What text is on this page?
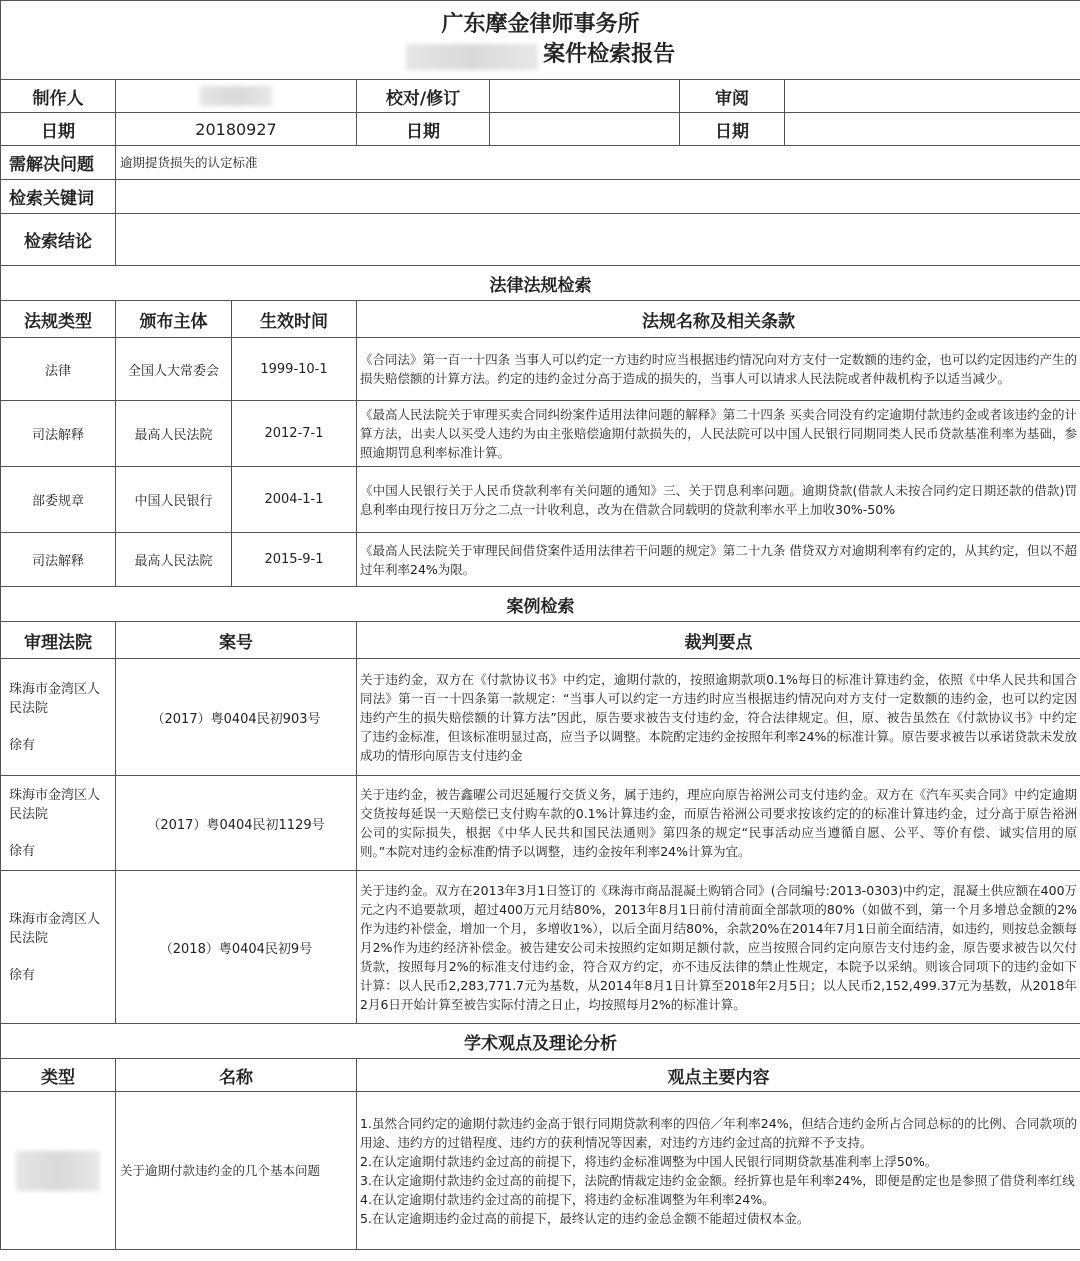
广东摩金律师事务所
案件检索报告						
制作人			校对/修订		审阅	
日期	20180927		日期		日期	
需解决问题	逾期提货损失的认定标准					
检索关键词						
检索结论						
法律法规检索						
法规类型	颁布主体	生效时间	法规名称及相关条款			
法律	全国人大常委会	1999-10-1	《合同法》第一百一十四条 当事人可以约定一方违约时应当根据违约情况向对方支付一定数额的违约金，也可以约定因违约产生的损失赔偿额的计算方法。约定的违约金过分高于造成的损失的，当事人可以请求人民法院或者仲裁机构予以适当减少。			
司法解释	最高人民法院	2012-7-1	《最高人民法院关于审理买卖合同纠纷案件适用法律问题的解释》第二十四条 买卖合同没有约定逾期付款违约金或者该违约金的计算方法，出卖人以买受人违约为由主张赔偿逾期付款损失的，人民法院可以中国人民银行同期同类人民币贷款基准利率为基础，参照逾期罚息利率标准计算。			
部委规章	中国人民银行	2004-1-1	《中国人民银行关于人民币贷款利率有关问题的通知》三、关于罚息利率问题。逾期贷款(借款人未按合同约定日期还款的借款)罚息利率由现行按日万分之二点一计收利息，改为在借款合同载明的贷款利率水平上加收30%-50%			
司法解释	最高人民法院	2015-9-1	《最高人民法院关于审理民间借贷案件适用法律若干问题的规定》第二十九条 借贷双方对逾期利率有约定的，从其约定，但以不超过年利率24%为限。			
案例检索						
审理法院	案号		裁判要点			
珠海市金湾区人民法院
徐有	（2017）粤0404民初903号		关于违约金，双方在《付款协议书》中约定，逾期付款的，按照逾期款项0.1%每日的标准计算违约金，依照《中华人民共和国合同法》第一百一十四条第一款规定：“当事人可以约定一方违约时应当根据违约情况向对方支付一定数额的违约金，也可以约定因违约产生的损失赔偿额的计算方法”因此，原告要求被告支付违约金，符合法律规定。但，原、被告虽然在《付款协议书》中约定了违约金标准，但该标准明显过高，应当予以调整。本院酌定违约金按照年利率24%的标准计算。原告要求被告以承诺贷款未发放成功的情形向原告支付违约金			
珠海市金湾区人民法院
徐有	（2017）粤0404民初1129号		关于违约金，被告鑫曜公司迟延履行交货义务，属于违约，理应向原告裕洲公司支付违约金。双方在《汽车买卖合同》中约定逾期交货按每延误一天赔偿已支付购车款的0.1%计算违约金，而原告裕洲公司要求按该约定的的标准计算违约金，过分高于原告裕洲公司的实际损失，根据《中华人民共和国民法通则》第四条的规定“民事活动应当遵循自愿、公平、等价有偿、诚实信用的原则。”本院对违约金标准酌情予以调整，违约金按年利率24%计算为宜。			
珠海市金湾区人民法院
徐有	（2018）粤0404民初9号		关于违约金。双方在2013年3月1日签订的《珠海市商品混凝土购销合同》(合同编号:2013-0303)中约定，混凝土供应额在400万元之内不追要款项，超过400万元月结80%，2013年8月1日前付清前面全部款项的80%（如做不到，第一个月多增总金额的2%作为违约补偿金，增加一个月，多增收1%），以后全面月结80%，余款20%在2014年7月1日前全面结清，如违约，则按总金额每月2%作为违约经济补偿金。被告建安公司未按照约定如期足额付款，应当按照合同约定向原告支付违约金，原告要求被告以欠付货款，按照每月2%的标准支付违约金，符合双方约定，亦不违反法律的禁止性规定，本院予以采纳。则该合同项下的违约金如下计算：以人民币2,283,771.7元为基数，从2014年8月1日计算至2018年2月5日；以人民币2,152,499.37元为基数，从2018年2月6日开始计算至被告实际付清之日止，均按照每月2%的标准计算。			
学术观点及理论分析						
类型	名称		观点主要内容			
	关于逾期付款违约金的几个基本问题		1.虽然合同约定的逾期付款违约金高于银行同期贷款利率的四倍／年利率24%，但结合违约金所占合同总标的的比例、合同款项的用途、违约方的过错程度、违约方的获利情况等因素，对违约方违约金过高的抗辩不予支持。
2.在认定逾期付款违约金过高的前提下，将违约金标准调整为中国人民银行同期贷款基准利率上浮50%。
3.在认定逾期付款违约金过高的前提下，法院酌情裁定违约金金额。经折算也是年利率24%，即便是酌定也是参照了借贷利率红线
4.在认定逾期付款违约金过高的前提下，将违约金标准调整为年利率24%。
5.在认定逾期违约金过高的前提下，最终认定的违约金总金额不能超过债权本金。			
